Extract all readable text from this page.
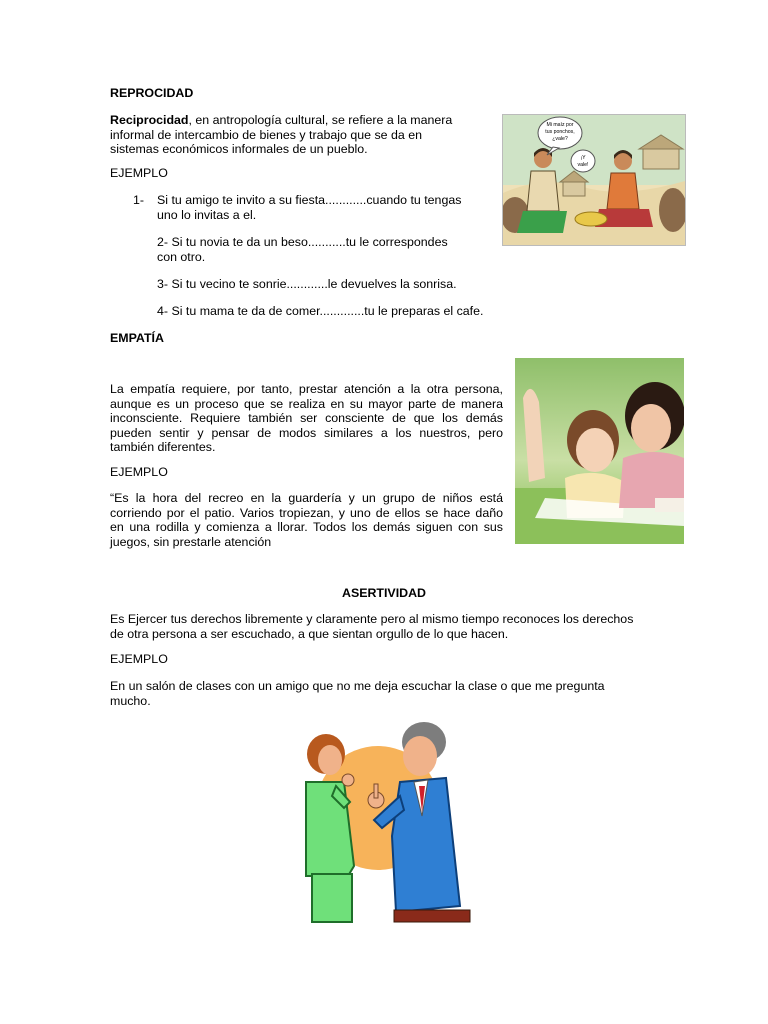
REPROCIDAD
Reciprocidad, en antropología cultural, se refiere a la manera
informal de intercambio de bienes y trabajo que se da en
sistemas económicos informales de un pueblo.
EJEMPLO
1- Si tu amigo te invito a su fiesta............cuando tu tengas
uno lo invitas a el.
2- Si tu novia te da un beso...........tu le correspondes
con otro.
3- Si tu vecino te sonrie............le devuelves la sonrisa.
4- Si tu mama te da de comer.............tu le preparas el cafe.
Mi maíz por
tus ponchos,
¿vale?
¡Y
vale!
EMPATÍA
La empatía requiere, por tanto, prestar atención a la otra persona,
aunque es un proceso que se realiza en su mayor parte de manera
inconsciente. Requiere también ser consciente de que los demás
pueden sentir y pensar de modos similares a los nuestros, pero
también diferentes.
EJEMPLO
“Es la hora del recreo en la guardería y un grupo de niños está
corriendo por el patio. Varios tropiezan, y uno de ellos se hace daño
en una rodilla y comienza a llorar. Todos los demás siguen con sus
juegos, sin prestarle atención
ASERTIVIDAD
Es Ejercer tus derechos libremente y claramente pero al mismo tiempo reconoces los derechos
de otra persona a ser escuchado, a que sientan orgullo de lo que hacen.
EJEMPLO
En un salón de clases con un amigo que no me deja escuchar la clase o que me pregunta
mucho.
